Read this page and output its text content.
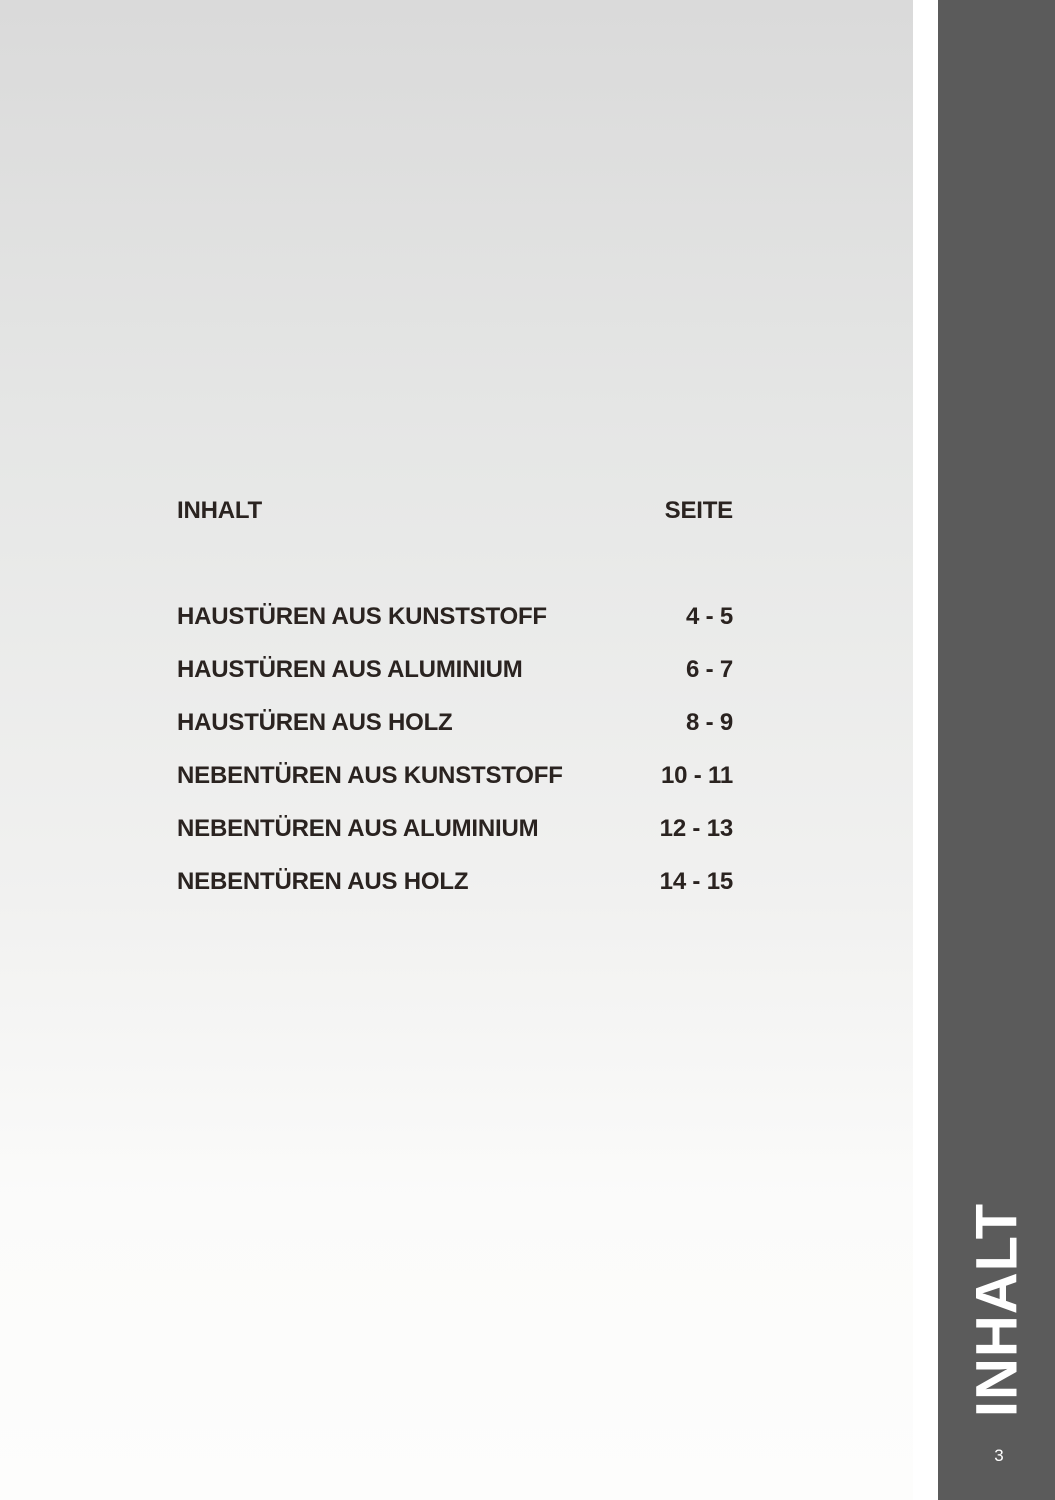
INHALT	SEITE
HAUSTÜREN AUS KUNSTSTOFF	4 - 5
HAUSTÜREN AUS ALUMINIUM	6 - 7
HAUSTÜREN AUS HOLZ	8 - 9
NEBENTÜREN AUS KUNSTSTOFF	10 - 11
NEBENTÜREN AUS ALUMINIUM	12 - 13
NEBENTÜREN AUS HOLZ	14 - 15
INHALT
3
